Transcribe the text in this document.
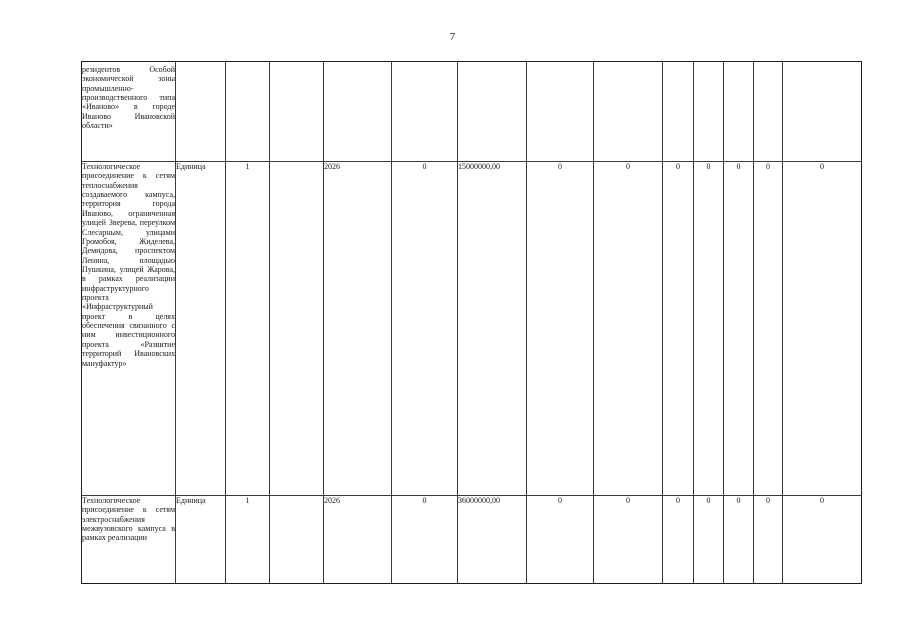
7
резидентов Особой экономической зоны промышленно-производственного типа «Иваново» в городе Иваново Ивановской области»													

Технологическое присоединение к сетям теплоснабжения создаваемого кампуса, территория города Иваново, ограниченная улицей Зверева, переулком Слесарным, улицами Громобоя, Жиделева, Демидова, проспектом Ленина, площадью Пушкина, улицей Жарова, в рамках реализации инфраструктурного проекта «Инфраструктурный проект в целях обеспечения связанного с ним инвестиционного проекта «Развитие территорий Ивановских мануфактур»	Единица	1		2026	0	15000000,00	0	0	0	0	0	0	0

Технологическое присоединение к сетям электроснабжения межвузовского кампуса в рамках реализации	Единица	1		2026	0	36000000,00	0	0	0	0	0	0	0
